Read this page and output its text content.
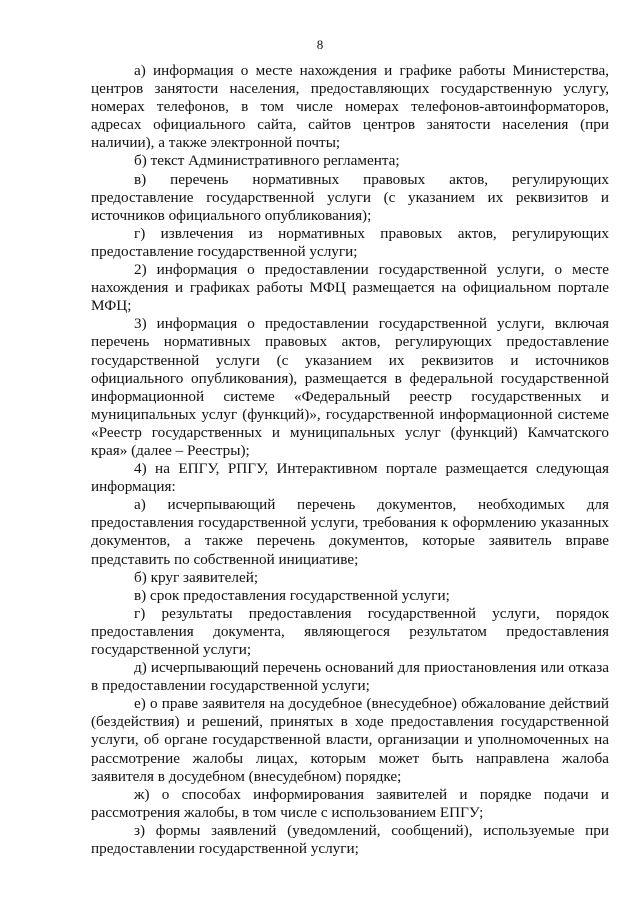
8

а) информация о месте нахождения и графике работы Министерства, центров занятости населения, предоставляющих государственную услугу, номерах телефонов, в том числе номерах телефонов-автоинформаторов, адресах официального сайта, сайтов центров занятости населения (при наличии), а также электронной почты;

б) текст Административного регламента;

в) перечень нормативных правовых актов, регулирующих предоставление государственной услуги (с указанием их реквизитов и источников официального опубликования);

г) извлечения из нормативных правовых актов, регулирующих предоставление государственной услуги;

2) информация о предоставлении государственной услуги, о месте нахождения и графиках работы МФЦ размещается на официальном портале МФЦ;

3) информация о предоставлении государственной услуги, включая перечень нормативных правовых актов, регулирующих предоставление государственной услуги (с указанием их реквизитов и источников официального опубликования), размещается в федеральной государственной информационной системе «Федеральный реестр государственных и муниципальных услуг (функций)», государственной информационной системе «Реестр государственных и муниципальных услуг (функций) Камчатского края» (далее – Реестры);

4) на ЕПГУ, РПГУ, Интерактивном портале размещается следующая информация:

а) исчерпывающий перечень документов, необходимых для предоставления государственной услуги, требования к оформлению указанных документов, а также перечень документов, которые заявитель вправе представить по собственной инициативе;

б) круг заявителей;

в) срок предоставления государственной услуги;

г) результаты предоставления государственной услуги, порядок предоставления документа, являющегося результатом предоставления государственной услуги;

д) исчерпывающий перечень оснований для приостановления или отказа в предоставлении государственной услуги;

е) о праве заявителя на досудебное (внесудебное) обжалование действий (бездействия) и решений, принятых в ходе предоставления государственной услуги, об органе государственной власти, организации и уполномоченных на рассмотрение жалобы лицах, которым может быть направлена жалоба заявителя в досудебном (внесудебном) порядке;

ж) о способах информирования заявителей и порядке подачи и рассмотрения жалобы, в том числе с использованием ЕПГУ;

з) формы заявлений (уведомлений, сообщений), используемые при предоставлении государственной услуги;
